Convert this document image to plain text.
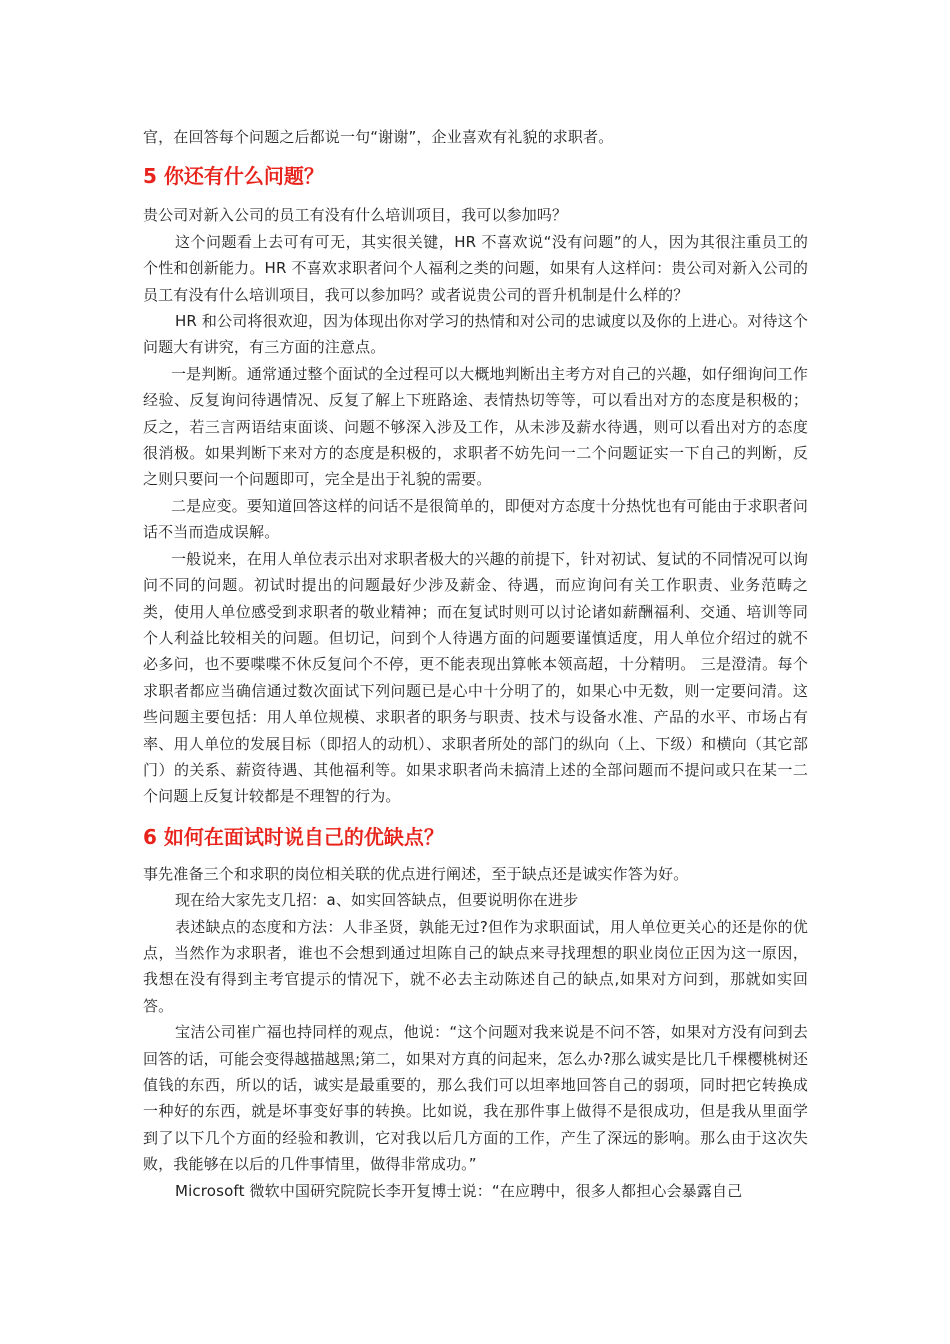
官，在回答每个问题之后都说一句“谢谢”，企业喜欢有礼貌的求职者。

5 你还有什么问题？

贵公司对新入公司的员工有没有什么培训项目，我可以参加吗？

这个问题看上去可有可无，其实很关键，HR 不喜欢说“没有问题”的人，因为其很注重员工的个性和创新能力。HR 不喜欢求职者问个人福利之类的问题，如果有人这样问：贵公司对新入公司的员工有没有什么培训项目，我可以参加吗？或者说贵公司的晋升机制是什么样的？

HR 和公司将很欢迎，因为体现出你对学习的热情和对公司的忠诚度以及你的上进心。对待这个问题大有讲究，有三方面的注意点。

一是判断。通常通过整个面试的全过程可以大概地判断出主考方对自己的兴趣，如仔细询问工作经验、反复询问待遇情况、反复了解上下班路途、表情热切等等，可以看出对方的态度是积极的；反之，若三言两语结束面谈、问题不够深入涉及工作，从未涉及薪水待遇，则可以看出对方的态度很消极。如果判断下来对方的态度是积极的，求职者不妨先问一二个问题证实一下自己的判断，反之则只要问一个问题即可，完全是出于礼貌的需要。

二是应变。要知道回答这样的问话不是很简单的，即便对方态度十分热忱也有可能由于求职者问话不当而造成误解。

一般说来，在用人单位表示出对求职者极大的兴趣的前提下，针对初试、复试的不同情况可以询问不同的问题。初试时提出的问题最好少涉及薪金、待遇，而应询问有关工作职责、业务范畴之类，使用人单位感受到求职者的敬业精神；而在复试时则可以讨论诸如薪酬福利、交通、培训等同个人利益比较相关的问题。但切记，问到个人待遇方面的问题要谨慎适度，用人单位介绍过的就不必多问，也不要喋喋不休反复问个不停，更不能表现出算帐本领高超，十分精明。 三是澄清。每个求职者都应当确信通过数次面试下列问题已是心中十分明了的，如果心中无数，则一定要问清。这些问题主要包括：用人单位规模、求职者的职务与职责、技术与设备水准、产品的水平、市场占有率、用人单位的发展目标（即招人的动机）、求职者所处的部门的纵向（上、下级）和横向（其它部门）的关系、薪资待遇、其他福利等。如果求职者尚未搞清上述的全部问题而不提问或只在某一二个问题上反复计较都是不理智的行为。

6 如何在面试时说自己的优缺点？

事先准备三个和求职的岗位相关联的优点进行阐述，至于缺点还是诚实作答为好。

现在给大家先支几招：a、如实回答缺点，但要说明你在进步

表述缺点的态度和方法：人非圣贤，孰能无过?但作为求职面试，用人单位更关心的还是你的优点，当然作为求职者，谁也不会想到通过坦陈自己的缺点来寻找理想的职业岗位正因为这一原因，我想在没有得到主考官提示的情况下，就不必去主动陈述自己的缺点,如果对方问到，那就如实回答。

宝洁公司崔广福也持同样的观点，他说：“这个问题对我来说是不问不答，如果对方没有问到去回答的话，可能会变得越描越黑;第二，如果对方真的问起来，怎么办?那么诚实是比几千棵樱桃树还值钱的东西，所以的话，诚实是最重要的，那么我们可以坦率地回答自己的弱项，同时把它转换成一种好的东西，就是坏事变好事的转换。比如说，我在那件事上做得不是很成功，但是我从里面学到了以下几个方面的经验和教训，它对我以后几方面的工作，产生了深远的影响。那么由于这次失败，我能够在以后的几件事情里，做得非常成功。”

Microsoft 微软中国研究院院长李开复博士说：“在应聘中，很多人都担心会暴露自己
